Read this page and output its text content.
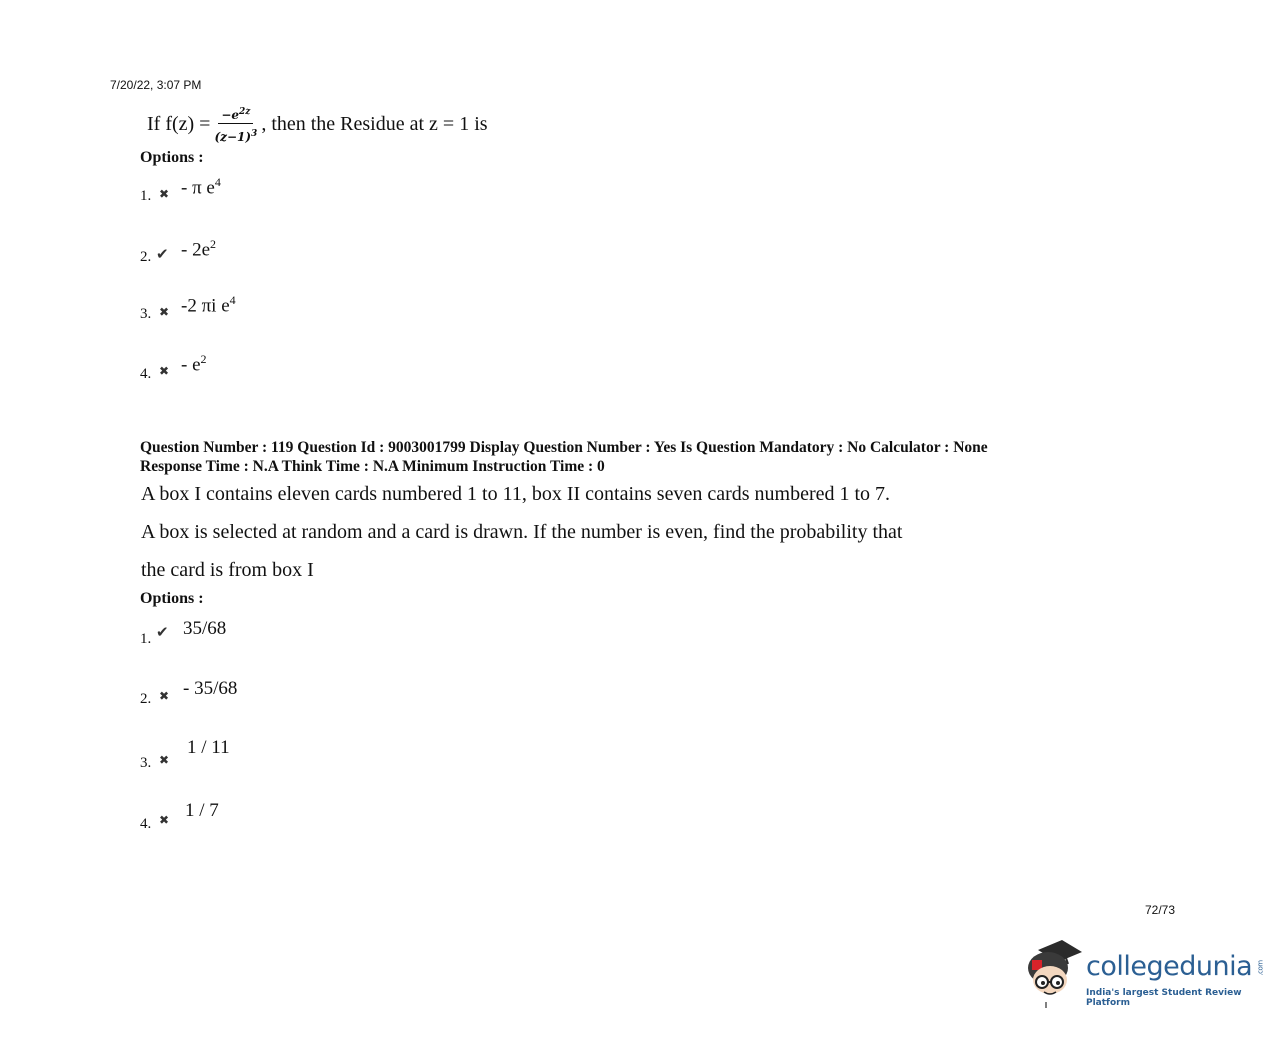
7/20/22, 3:07 PM
If $f(z) = \frac{-e^{2z}}{(z-1)^3}$ , then the Residue at z = 1 is
Options :
1. ✖ - π $e^4$
2. ✔ - $2e^2$
3. ✖ -2 πi $e^4$
4. ✖ - $e^2$
Question Number : 119 Question Id : 9003001799 Display Question Number : Yes Is Question Mandatory : No Calculator : None
Response Time : N.A Think Time : N.A Minimum Instruction Time : 0
A box I contains eleven cards numbered 1 to 11, box II contains seven cards numbered 1 to 7.
A box is selected at random and a card is drawn. If the number is even, find the probability that
the card is from box I
Options :
1. ✔ 35/68
2. ✖ - 35/68
3. ✖
1 / 11
4. ✖ 1 / 7
72/73
collegedunia .com
India's largest Student Review Platform
